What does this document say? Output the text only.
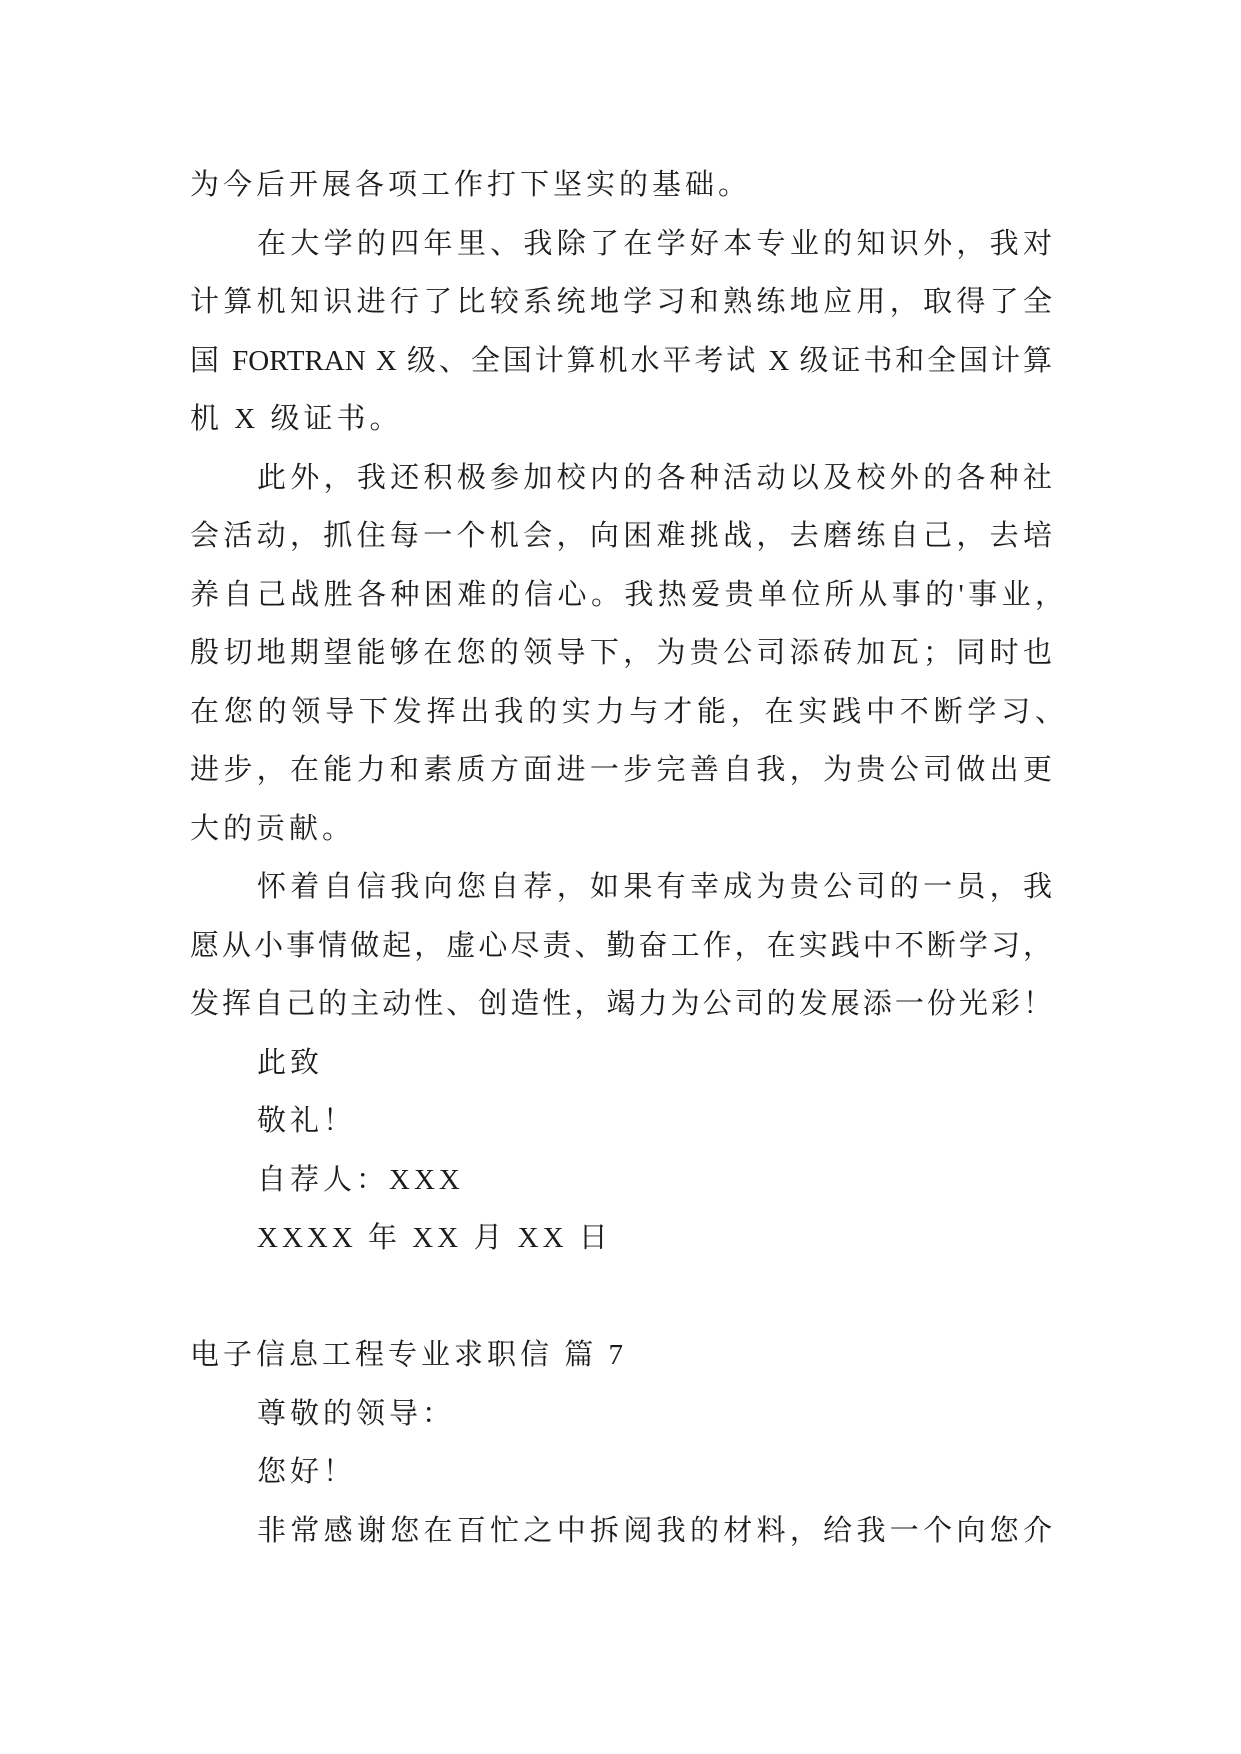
为今后开展各项工作打下坚实的基础。
在大学的四年里、我除了在学好本专业的知识外，我对
计算机知识进行了比较系统地学习和熟练地应用，取得了全
国 FORTRAN X 级、全国计算机水平考试 X 级证书和全国计算
机 X 级证书。
此外，我还积极参加校内的各种活动以及校外的各种社
会活动，抓住每一个机会，向困难挑战，去磨练自己，去培
养自己战胜各种困难的信心。我热爱贵单位所从事的'事业，
殷切地期望能够在您的领导下，为贵公司添砖加瓦；同时也
在您的领导下发挥出我的实力与才能，在实践中不断学习、
进步，在能力和素质方面进一步完善自我，为贵公司做出更
大的贡献。
怀着自信我向您自荐，如果有幸成为贵公司的一员，我
愿从小事情做起，虚心尽责、勤奋工作，在实践中不断学习，
发挥自己的主动性、创造性，竭力为公司的发展添一份光彩！
此致
敬礼！
自荐人：XXX
XXXX 年 XX 月 XX 日
电子信息工程专业求职信 篇 7
尊敬的领导：
您好！
非常感谢您在百忙之中拆阅我的材料，给我一个向您介
